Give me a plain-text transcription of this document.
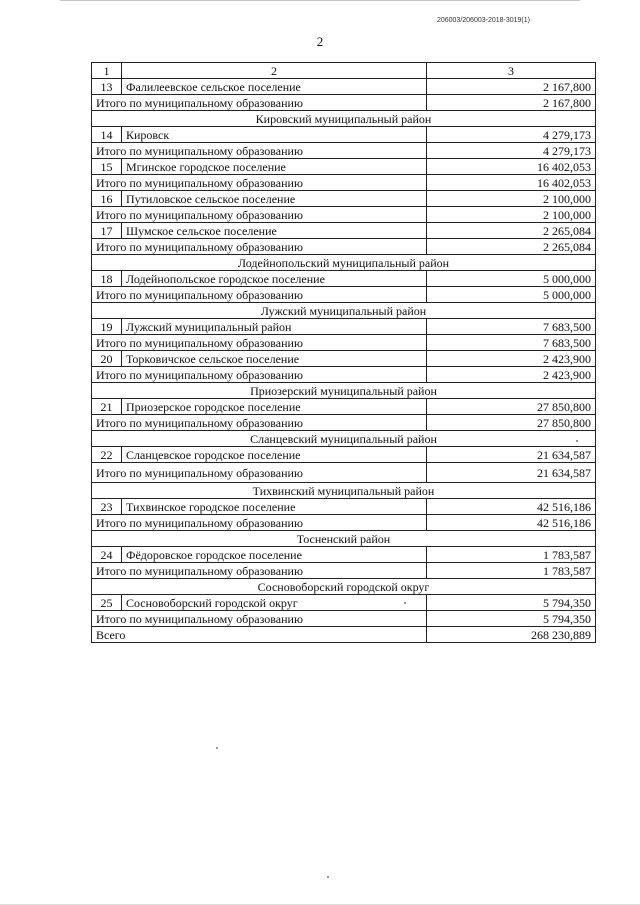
206003/206003-2018-3019(1)
2
1	2	3
13	Фалилеевское сельское поселение	2 167,800
Итого по муниципальному образованию		2 167,800
Кировский муниципальный район		
14	Кировск	4 279,173
Итого по муниципальному образованию		4 279,173
15	Мгинское городское поселение	16 402,053
Итого по муниципальному образованию		16 402,053
16	Путиловское сельское поселение	2 100,000
Итого по муниципальному образованию		2 100,000
17	Шумское сельское поселение	2 265,084
Итого по муниципальному образованию		2 265,084
Лодейнопольский муниципальный район		
18	Лодейнопольское городское поселение	5 000,000
Итого по муниципальному образованию		5 000,000
Лужский муниципальный район		
19	Лужский муниципальный район	7 683,500
Итого по муниципальному образованию		7 683,500
20	Торковичское сельское поселение	2 423,900
Итого по муниципальному образованию		2 423,900
Приозерский муниципальный район		
21	Приозерское городское поселение	27 850,800
Итого по муниципальному образованию		27 850,800
Сланцевский муниципальный район		
22	Сланцевское городское поселение	21 634,587
Итого по муниципальному образованию		21 634,587
Тихвинский муниципальный район		
23	Тихвинское городское поселение	42 516,186
Итого по муниципальному образованию		42 516,186
Тосненский район		
24	Фёдоровское городское поселение	1 783,587
Итого по муниципальному образованию		1 783,587
Сосновоборский городской округ		
25	Сосновоборский городской округ	5 794,350
Итого по муниципальному образованию		5 794,350
Всего		268 230,889
